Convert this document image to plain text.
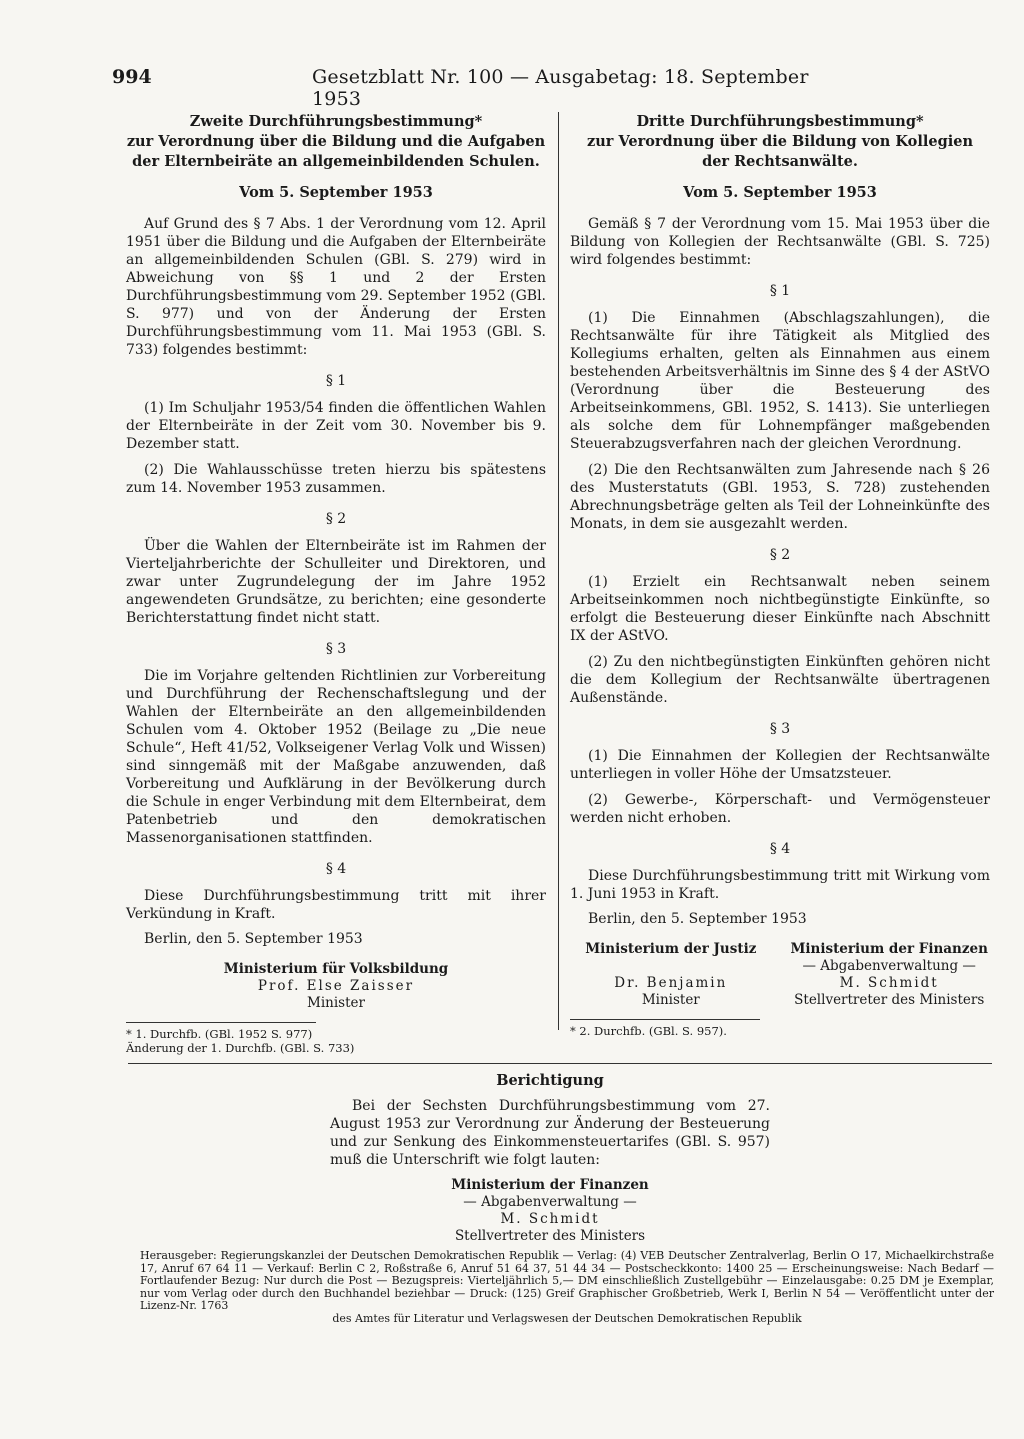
994	Gesetzblatt Nr. 100 — Ausgabetag: 18. September 1953
Zweite Durchführungsbestimmung*
zur Verordnung über die Bildung und die Aufgaben
der Elternbeiräte an allgemeinbildenden Schulen.
Vom 5. September 1953

Auf Grund des § 7 Abs. 1 der Verordnung vom 12. April 1951 über die Bildung und die Aufgaben der Elternbeiräte an allgemeinbildenden Schulen (GBl. S. 279) wird in Abweichung von §§ 1 und 2 der Ersten Durchführungsbestimmung vom 29. September 1952 (GBl. S. 977) und von der Änderung der Ersten Durchführungsbestimmung vom 11. Mai 1953 (GBl. S. 733) folgendes bestimmt:

§ 1

(1) Im Schuljahr 1953/54 finden die öffentlichen Wahlen der Elternbeiräte in der Zeit vom 30. November bis 9. Dezember statt.

(2) Die Wahlausschüsse treten hierzu bis spätestens zum 14. November 1953 zusammen.

§ 2

Über die Wahlen der Elternbeiräte ist im Rahmen der Vierteljahrberichte der Schulleiter und Direktoren, und zwar unter Zugrundelegung der im Jahre 1952 angewendeten Grundsätze, zu berichten; eine gesonderte Berichterstattung findet nicht statt.

§ 3

Die im Vorjahre geltenden Richtlinien zur Vorbereitung und Durchführung der Rechenschaftslegung und der Wahlen der Elternbeiräte an den allgemeinbildenden Schulen vom 4. Oktober 1952 (Beilage zu „Die neue Schule“, Heft 41/52, Volkseigener Verlag Volk und Wissen) sind sinngemäß mit der Maßgabe anzuwenden, daß Vorbereitung und Aufklärung in der Bevölkerung durch die Schule in enger Verbindung mit dem Elternbeirat, dem Patenbetrieb und den demokratischen Massenorganisationen stattfinden.

§ 4

Diese Durchführungsbestimmung tritt mit ihrer Verkündung in Kraft.

Berlin, den 5. September 1953
Ministerium für Volksbildung
Prof. Else Zaisser
Minister
* 1. Durchfb. (GBl. 1952 S. 977)
Änderung der 1. Durchfb. (GBl. S. 733)
Dritte Durchführungsbestimmung*
zur Verordnung über die Bildung von Kollegien
der Rechtsanwälte.
Vom 5. September 1953

Gemäß § 7 der Verordnung vom 15. Mai 1953 über die Bildung von Kollegien der Rechtsanwälte (GBl. S. 725) wird folgendes bestimmt:

§ 1

(1) Die Einnahmen (Abschlagszahlungen), die Rechtsanwälte für ihre Tätigkeit als Mitglied des Kollegiums erhalten, gelten als Einnahmen aus einem bestehenden Arbeitsverhältnis im Sinne des § 4 der AStVO (Verordnung über die Besteuerung des Arbeitseinkommens, GBl. 1952, S. 1413). Sie unterliegen als solche dem für Lohnempfänger maßgebenden Steuerabzugsverfahren nach der gleichen Verordnung.

(2) Die den Rechtsanwälten zum Jahresende nach § 26 des Musterstatuts (GBl. 1953, S. 728) zustehenden Abrechnungsbeträge gelten als Teil der Lohneinkünfte des Monats, in dem sie ausgezahlt werden.

§ 2

(1) Erzielt ein Rechtsanwalt neben seinem Arbeitseinkommen noch nichtbegünstigte Einkünfte, so erfolgt die Besteuerung dieser Einkünfte nach Abschnitt IX der AStVO.

(2) Zu den nichtbegünstigten Einkünften gehören nicht die dem Kollegium der Rechtsanwälte übertragenen Außenstände.

§ 3

(1) Die Einnahmen der Kollegien der Rechtsanwälte unterliegen in voller Höhe der Umsatzsteuer.

(2) Gewerbe-, Körperschaft- und Vermögensteuer werden nicht erhoben.

§ 4

Diese Durchführungsbestimmung tritt mit Wirkung vom 1. Juni 1953 in Kraft.

Berlin, den 5. September 1953
Ministerium der Justiz
Dr. Benjamin
Minister
Ministerium der Finanzen
— Abgabenverwaltung —
M. Schmidt
Stellvertreter des Ministers
* 2. Durchfb. (GBl. S. 957).
Berichtigung

Bei der Sechsten Durchführungsbestimmung vom 27. August 1953 zur Verordnung zur Änderung der Besteuerung und zur Senkung des Einkommensteuertarifes (GBl. S. 957) muß die Unterschrift wie folgt lauten:

Ministerium der Finanzen
— Abgabenverwaltung —
M. Schmidt
Stellvertreter des Ministers
Herausgeber: Regierungskanzlei der Deutschen Demokratischen Republik — Verlag: (4) VEB Deutscher Zentralverlag, Berlin O 17, Michaelkirchstraße 17, Anruf 67 64 11 — Verkauf: Berlin C 2, Roßstraße 6, Anruf 51 64 37, 51 44 34 — Postscheckkonto: 1400 25 — Erscheinungsweise: Nach Bedarf — Fortlaufender Bezug: Nur durch die Post — Bezugspreis: Vierteljährlich 5,— DM einschließlich Zustellgebühr — Einzelausgabe: 0.25 DM je Exemplar, nur vom Verlag oder durch den Buchhandel beziehbar — Druck: (125) Greif Graphischer Großbetrieb, Werk I, Berlin N 54 — Veröffentlicht unter der Lizenz-Nr. 1763
des Amtes für Literatur und Verlagswesen der Deutschen Demokratischen Republik
